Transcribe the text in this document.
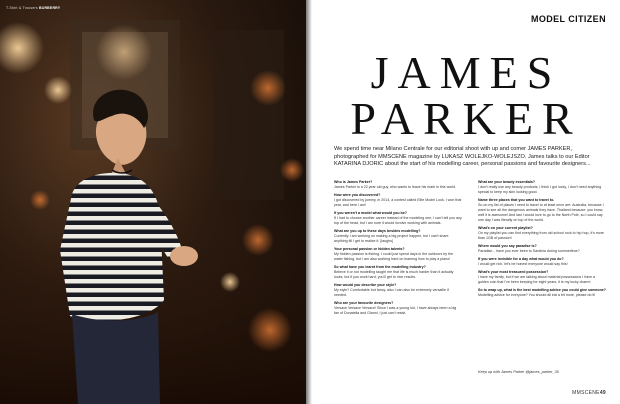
T-Shirt & Trousers BURBERRY
MODEL CITIZEN
JAMES
PARKER
We spend time near Milano Centrale for our editorial shoot with up and comer JAMES PARKER, photographed for MMSCENE magazine by LUKASZ WOLEJKO-WOLEJSZO. James talks to our Editor KATARINA DJORIC about the start of his modelling career, personal passions and favourite designers...
Who is James Parker?
James Parker is a 22 year old guy, who wants to leave his mark in this world.
How were you discovered?
I got discovered by jummy, in 2014, a contest called Elite Model Look, I won that year, and here I am!
If you weren't a model what would you be?
If I had to choose another career instead of the modeling one, I can't tell you any top of the head, but I am sure it would involve working with animals.
What are you up to these days besides modelling?
Currently I am working on making a big project happen, but I can't share anything till I get to realize it. [laughs]
Your personal passion or hidden talents?
My hidden passion is fishing. I could just spend days in the outdoors by the water fishing, but I am also working hard on learning how to play a piano!
So what have you learnt from the modelling industry?
Believe it or not modelling taught me that life is much harder than it actually looks, but if you work hard, you'll get to nice results.
How would you describe your style?
My style? Comfortable but fancy, also I can also be extremely versatile if needed.
Who are your favourite designers?
Versace Versace Versace! Since I was a young kid, I have always been a big fan of Donatella and Gianni, I just can't resist.
What are your beauty essentials?
I don't really use any beauty products, I think I got lucky, I don't need anything special to keep my skin looking good.
Name three places that you want to travel to.
So on my list of places I need to travel to at least once are: Australia, because I want to see all the dangerous animals they have. Thailand because: you know, well it is awesome! And last I would love to go to the North Pole, so I could say one day I was literally on top of the world.
What's on your current playlist?
On my playlist you can find everything from old school rock to hip hop, it's more than 1GB of passion!
Where would you say paradise is?
Paradise... have you ever been to Sardinia during summertime?
If you were invisible for a day what would you do?
I would get rich, let's be honest everyone would say this!
What's your most treasured possession?
I have my family, but if we are talking about material possessions I have a golden coin that I've been keeping for eight years, it is my lucky charm!
So to wrap up, what is the best modelling advice you could give someone?
Modelling advice for everyone? You should all eat a bit more, please do it!
Keep up with James Parker @james_parker_36
MMSCENE49
